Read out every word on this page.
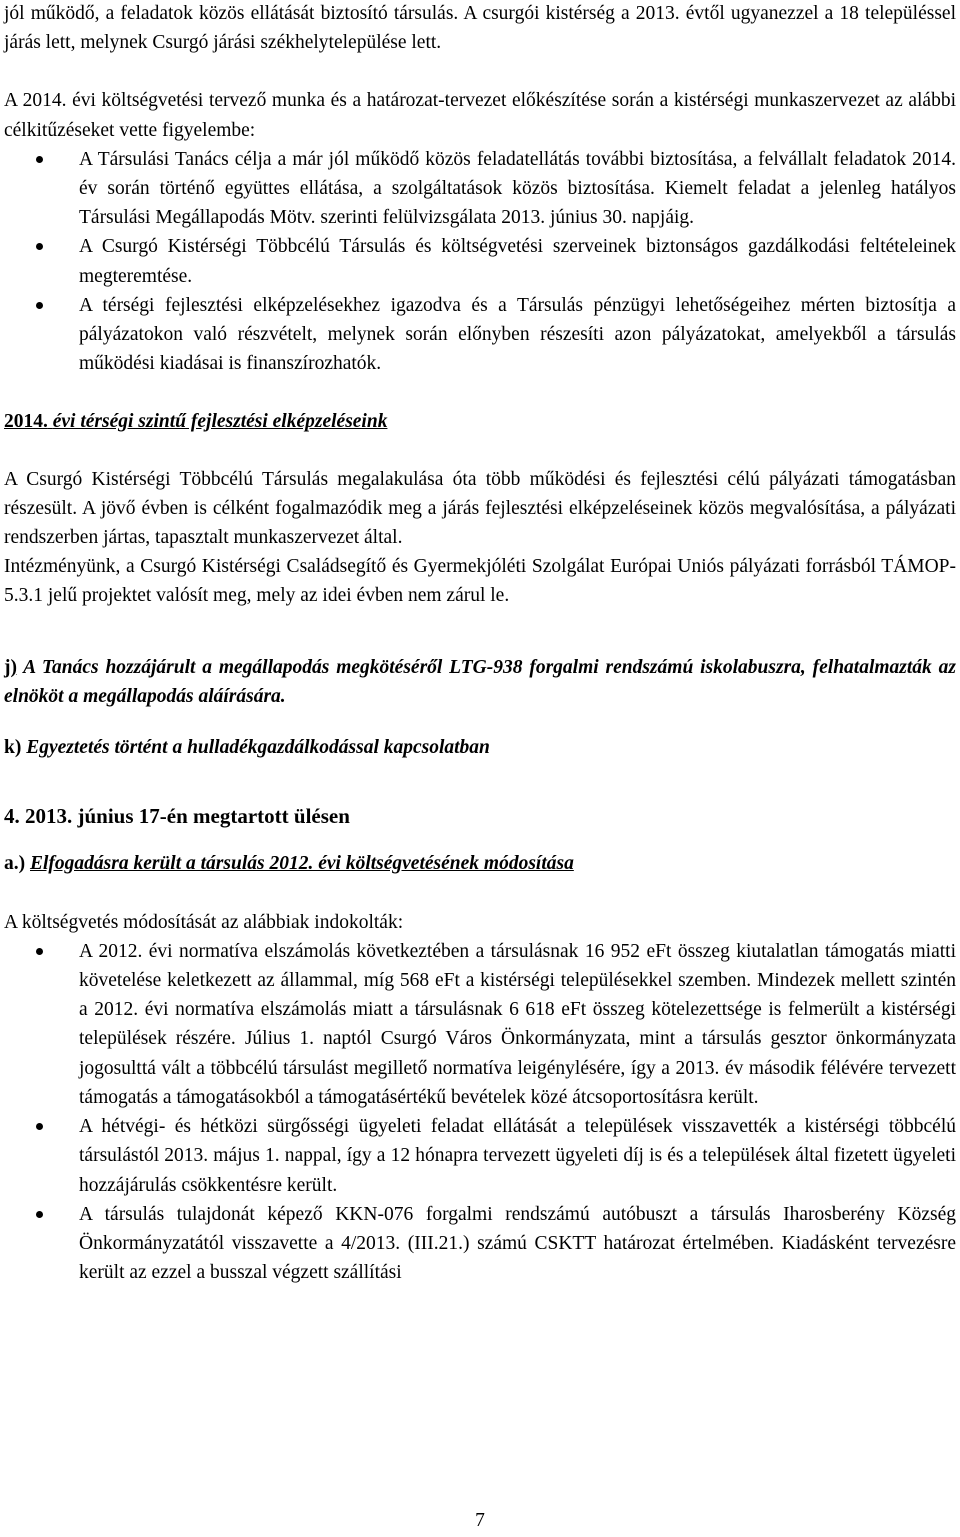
jól működő, a feladatok közös ellátását biztosító társulás. A csurgói kistérség a 2013. évtől ugyanezzel a 18 településsel járás lett, melynek Csurgó járási székhelytelepülése lett.

A 2014. évi költségvetési tervező munka és a határozat-tervezet előkészítése során a kistérségi munkaszervezet az alábbi célkitűzéseket vette figyelembe:

A Társulási Tanács célja a már jól működő közös feladatellátás további biztosítása, a felvállalt feladatok 2014. év során történő együttes ellátása, a szolgáltatások közös biztosítása. Kiemelt feladat a jelenleg hatályos Társulási Megállapodás Mötv. szerinti felülvizsgálata 2013. június 30. napjáig.
A Csurgó Kistérségi Többcélú Társulás és költségvetési szerveinek biztonságos gazdálkodási feltételeinek megteremtése.
A térségi fejlesztési elképzelésekhez igazodva és a Társulás pénzügyi lehetőségeihez mérten biztosítja a pályázatokon való részvételt, melynek során előnyben részesíti azon pályázatokat, amelyekből a társulás működési kiadásai is finanszírozhatók.

2014. évi térségi szintű fejlesztési elképzeléseink

A Csurgó Kistérségi Többcélú Társulás megalakulása óta több működési és fejlesztési célú pályázati támogatásban részesült. A jövő évben is célként fogalmazódik meg a járás fejlesztési elképzeléseinek közös megvalósítása, a pályázati rendszerben jártas, tapasztalt munkaszervezet által.

Intézményünk, a Csurgó Kistérségi Családsegítő és Gyermekjóléti Szolgálat Európai Uniós pályázati forrásból TÁMOP-5.3.1 jelű projektet valósít meg, mely az idei évben nem zárul le.

j) A Tanács hozzájárult a megállapodás megkötéséről LTG-938 forgalmi rendszámú iskolabuszra, felhatalmazták az elnököt a megállapodás aláírására.

k) Egyeztetés történt a hulladékgazdálkodással kapcsolatban

4. 2013. június 17-én megtartott ülésen

a.) Elfogadásra került a társulás 2012. évi költségvetésének módosítása

A költségvetés módosítását az alábbiak indokolták:

A 2012. évi normatíva elszámolás következtében a társulásnak 16 952 eFt összeg kiutalatlan támogatás miatti követelése keletkezett az állammal, míg 568 eFt a kistérségi településekkel szemben. Mindezek mellett szintén a 2012. évi normatíva elszámolás miatt a társulásnak 6 618 eFt összeg kötelezettsége is felmerült a kistérségi települések részére. Július 1. naptól Csurgó Város Önkormányzata, mint a társulás gesztor önkormányzata jogosulttá vált a többcélú társulást megillető normatíva leigénylésére, így a 2013. év második félévére tervezett támogatás a támogatásokból a támogatásértékű bevételek közé átcsoportosításra került.
A hétvégi- és hétközi sürgősségi ügyeleti feladat ellátását a települések visszavették a kistérségi többcélú társulástól 2013. május 1. nappal, így a 12 hónapra tervezett ügyeleti díj is és a települések által fizetett ügyeleti hozzájárulás csökkentésre került.
A társulás tulajdonát képező KKN-076 forgalmi rendszámú autóbuszt a társulás Iharosberény Község Önkormányzatától visszavette a 4/2013. (III.21.) számú CSKTT határozat értelmében. Kiadásként tervezésre került az ezzel a busszal végzett szállítási
7
